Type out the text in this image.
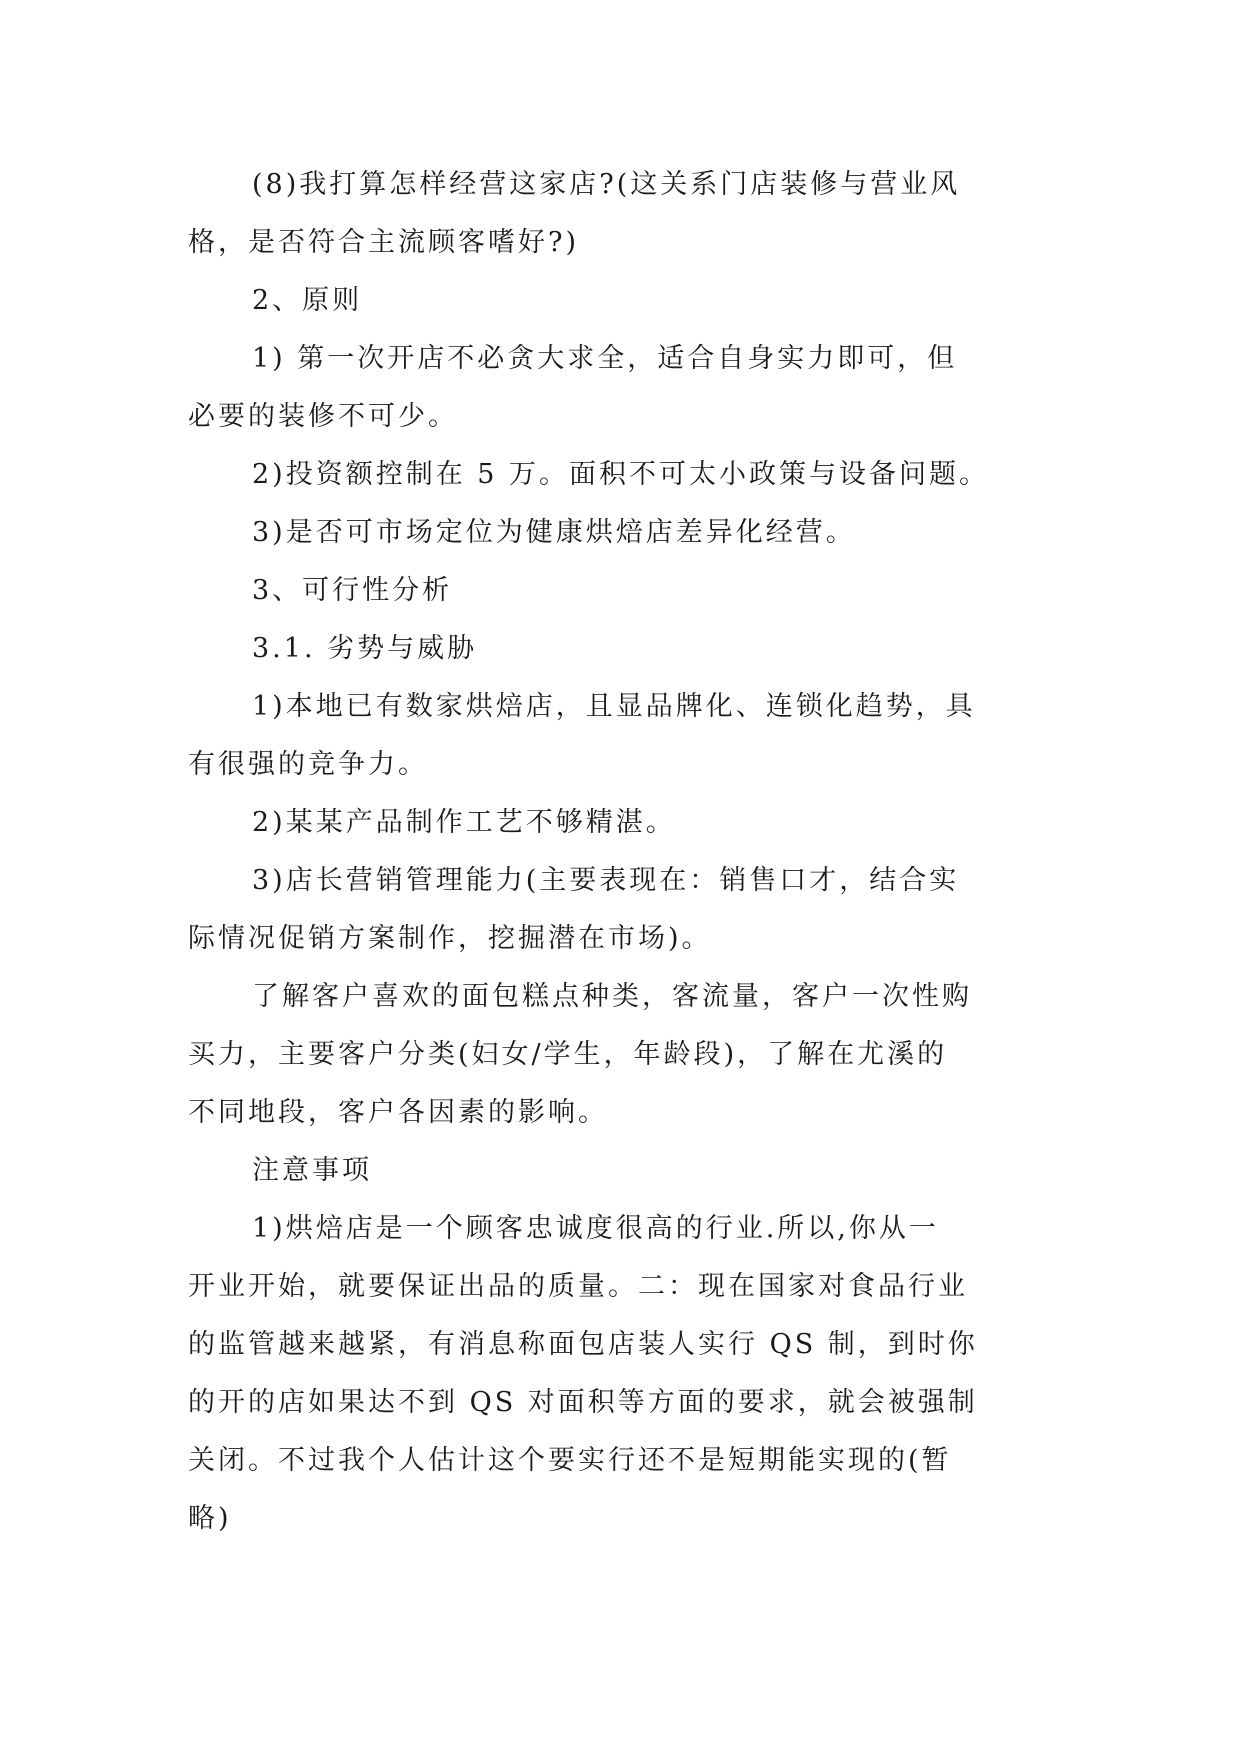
(8)我打算怎样经营这家店?(这关系门店装修与营业风
格，是否符合主流顾客嗜好?)
2、原则
1) 第一次开店不必贪大求全，适合自身实力即可，但
必要的装修不可少。
2)投资额控制在 5 万。面积不可太小政策与设备问题。
3)是否可市场定位为健康烘焙店差异化经营。
3、可行性分析
3.1. 劣势与威胁
1)本地已有数家烘焙店，且显品牌化、连锁化趋势，具
有很强的竞争力。
2)某某产品制作工艺不够精湛。
3)店长营销管理能力(主要表现在：销售口才，结合实
际情况促销方案制作，挖掘潜在市场)。
了解客户喜欢的面包糕点种类，客流量，客户一次性购
买力，主要客户分类(妇女/学生，年龄段)，了解在尤溪的
不同地段，客户各因素的影响。
注意事项
1)烘焙店是一个顾客忠诚度很高的行业.所以,你从一
开业开始，就要保证出品的质量。二：现在国家对食品行业
的监管越来越紧，有消息称面包店装人实行 QS 制，到时你
的开的店如果达不到 QS 对面积等方面的要求，就会被强制
关闭。不过我个人估计这个要实行还不是短期能实现的(暂
略)
